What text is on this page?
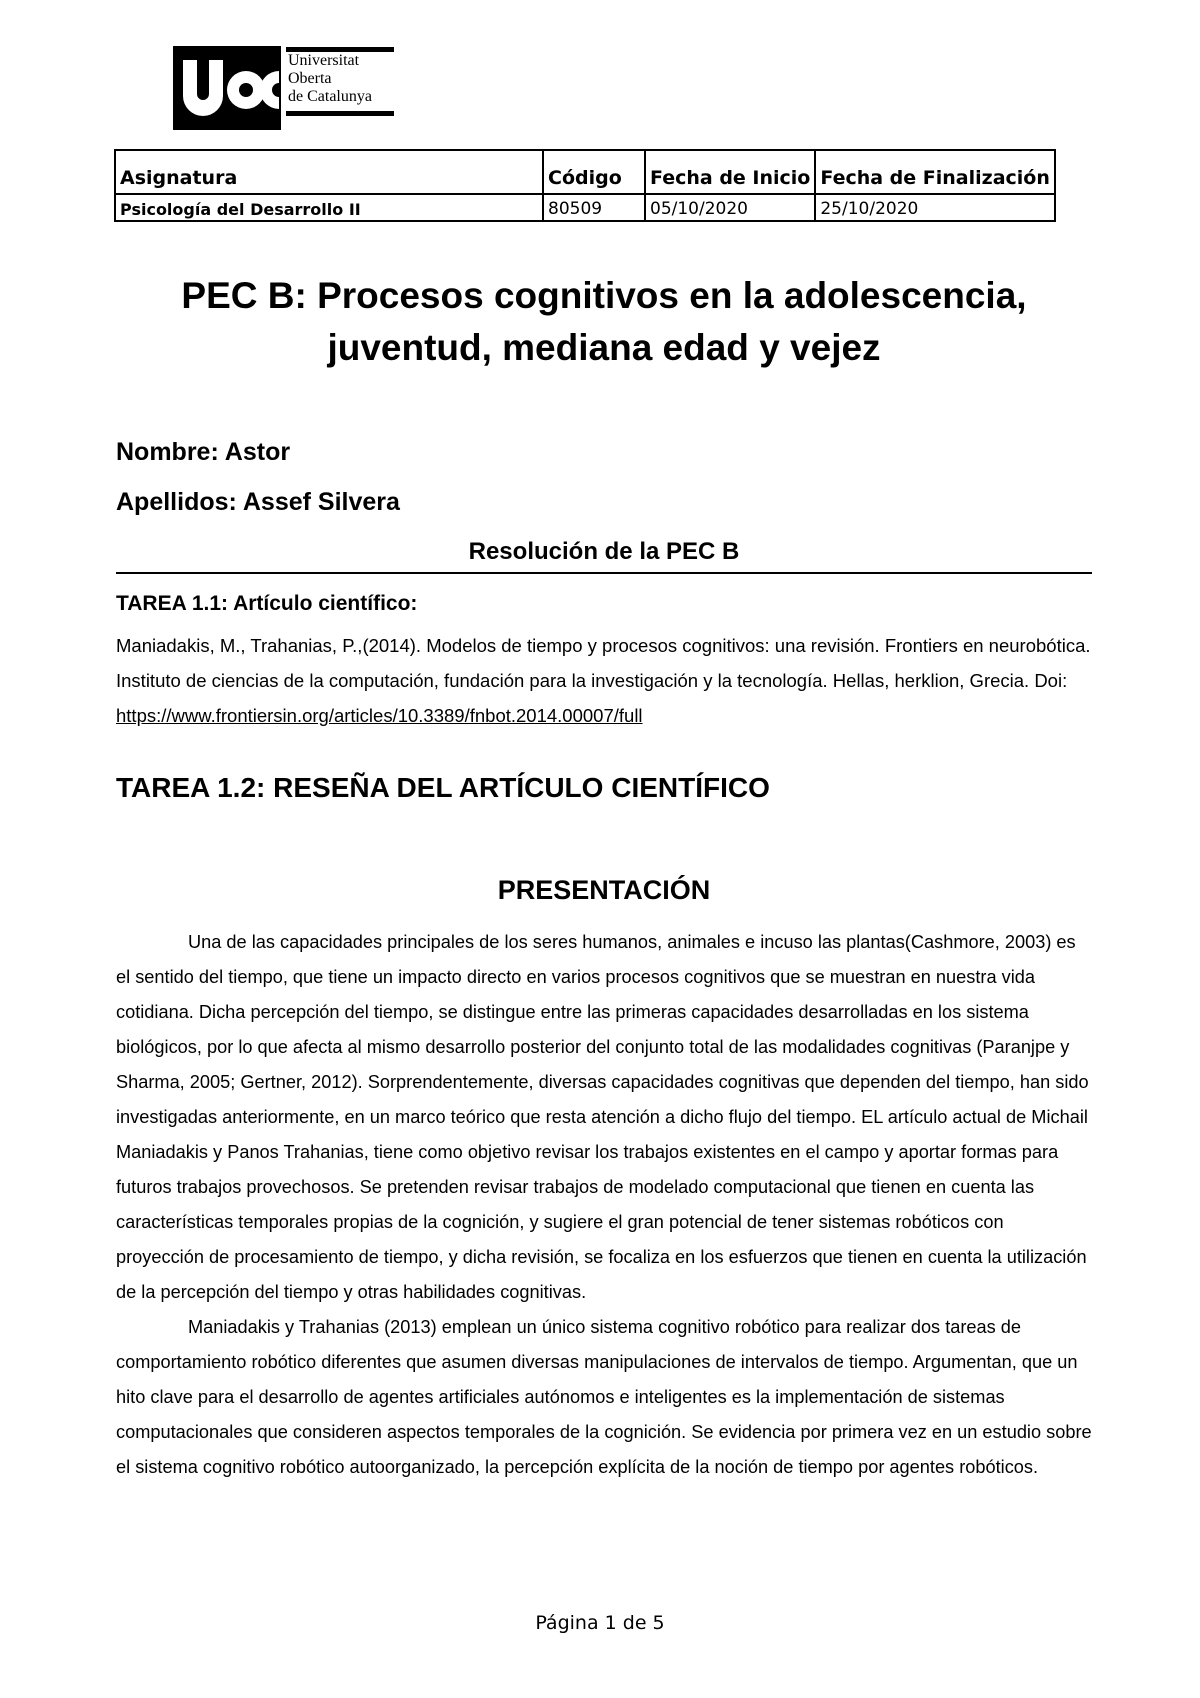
Universitat
Oberta
de Catalunya
Asignatura	Código	Fecha de Inicio	Fecha de Finalización
Psicología del Desarrollo II	80509	05/10/2020	25/10/2020
PEC B: Procesos cognitivos en la adolescencia,
juventud, mediana edad y vejez
Nombre: Astor
Apellidos: Assef Silvera
Resolución de la PEC B
TAREA 1.1: Artículo científico:
Maniadakis, M., Trahanias, P.,(2014). Modelos de tiempo y procesos cognitivos: una revisión. Frontiers en neurobótica. Instituto de ciencias de la computación, fundación para la investigación y la tecnología. Hellas, herklion, Grecia. Doi: https://www.frontiersin.org/articles/10.3389/fnbot.2014.00007/full
TAREA 1.2: RESEÑA DEL ARTÍCULO CIENTÍFICO
PRESENTACIÓN

Una de las capacidades principales de los seres humanos, animales e incuso las plantas(Cashmore, 2003) es el sentido del tiempo, que tiene un impacto directo en varios procesos cognitivos que se muestran en nuestra vida cotidiana. Dicha percepción del tiempo, se distingue entre las primeras capacidades desarrolladas en los sistema biológicos, por lo que afecta al mismo desarrollo posterior del conjunto total de las modalidades cognitivas (Paranjpe y Sharma, 2005; Gertner, 2012). Sorprendentemente, diversas capacidades cognitivas que dependen del tiempo, han sido investigadas anteriormente, en un marco teórico que resta atención a dicho flujo del tiempo. EL artículo actual de Michail Maniadakis y Panos Trahanias, tiene como objetivo revisar los trabajos existentes en el campo y aportar formas para futuros trabajos provechosos. Se pretenden revisar trabajos de modelado computacional que tienen en cuenta las características temporales propias de la cognición, y sugiere el gran potencial de tener sistemas robóticos con proyección de procesamiento de tiempo, y dicha revisión, se focaliza en los esfuerzos que tienen en cuenta la utilización de la percepción del tiempo y otras habilidades cognitivas.

Maniadakis y Trahanias (2013) emplean un único sistema cognitivo robótico para realizar dos tareas de comportamiento robótico diferentes que asumen diversas manipulaciones de intervalos de tiempo. Argumentan, que un hito clave para el desarrollo de agentes artificiales autónomos e inteligentes es la implementación de sistemas computacionales que consideren aspectos temporales de la cognición. Se evidencia por primera vez en un estudio sobre el sistema cognitivo robótico autoorganizado, la percepción explícita de la noción de tiempo por agentes robóticos.

Página 1 de 5
